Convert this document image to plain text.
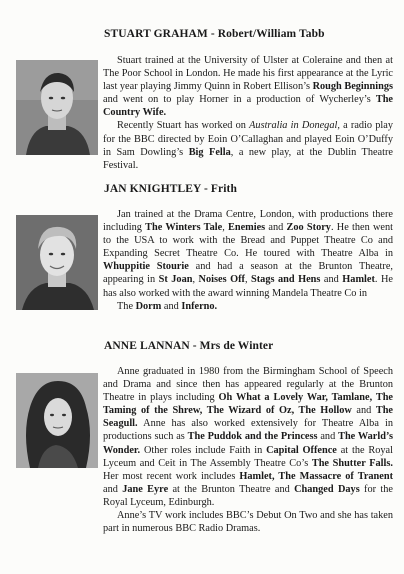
STUART GRAHAM - Robert/William Tabb

Stuart trained at the University of Ulster at Coleraine and then at The Poor School in London. He made his first appearance at the Lyric last year playing Jimmy Quinn in Robert Ellison’s Rough Beginnings and went on to play Horner in a production of Wycherley’s The Country Wife.

Recently Stuart has worked on Australia in Donegal, a radio play for the BBC directed by Eoin O’Callaghan and played Eoin O’Duffy in Sam Dowling’s Big Fella, a new play, at the Dublin Theatre Festival.

JAN KNIGHTLEY - Frith

Jan trained at the Drama Centre, London, with productions there including The Winters Tale, Enemies and Zoo Story. He then went to the USA to work with the Bread and Puppet Theatre Co and Expanding Secret Theatre Co. He toured with Theatre Alba in Whuppitie Stourie and had a season at the Brunton Theatre, appearing in St Joan, Noises Off, Stags and Hens and Hamlet. He has also worked with the award winning Mandela Theatre Co in

The Dorm and Inferno.

ANNE LANNAN - Mrs de Winter

Anne graduated in 1980 from the Birmingham School of Speech and Drama and since then has appeared regularly at the Brunton Theatre in plays including Oh What a Lovely War, Tamlane, The Taming of the Shrew, The Wizard of Oz, The Hollow and The Seagull. Anne has also worked extensively for Theatre Alba in productions such as The Puddok and the Princess and The Warld’s Wonder. Other roles include Faith in Capital Offence at the Royal Lyceum and Ceit in The Assembly Theatre Co’s The Shutter Falls. Her most recent work includes Hamlet, The Massacre of Tranent and Jane Eyre at the Brunton Theatre and Changed Days for the Royal Lyceum, Edinburgh.

Anne’s TV work includes BBC’s Debut On Two and she has taken part in numerous BBC Radio Dramas.
